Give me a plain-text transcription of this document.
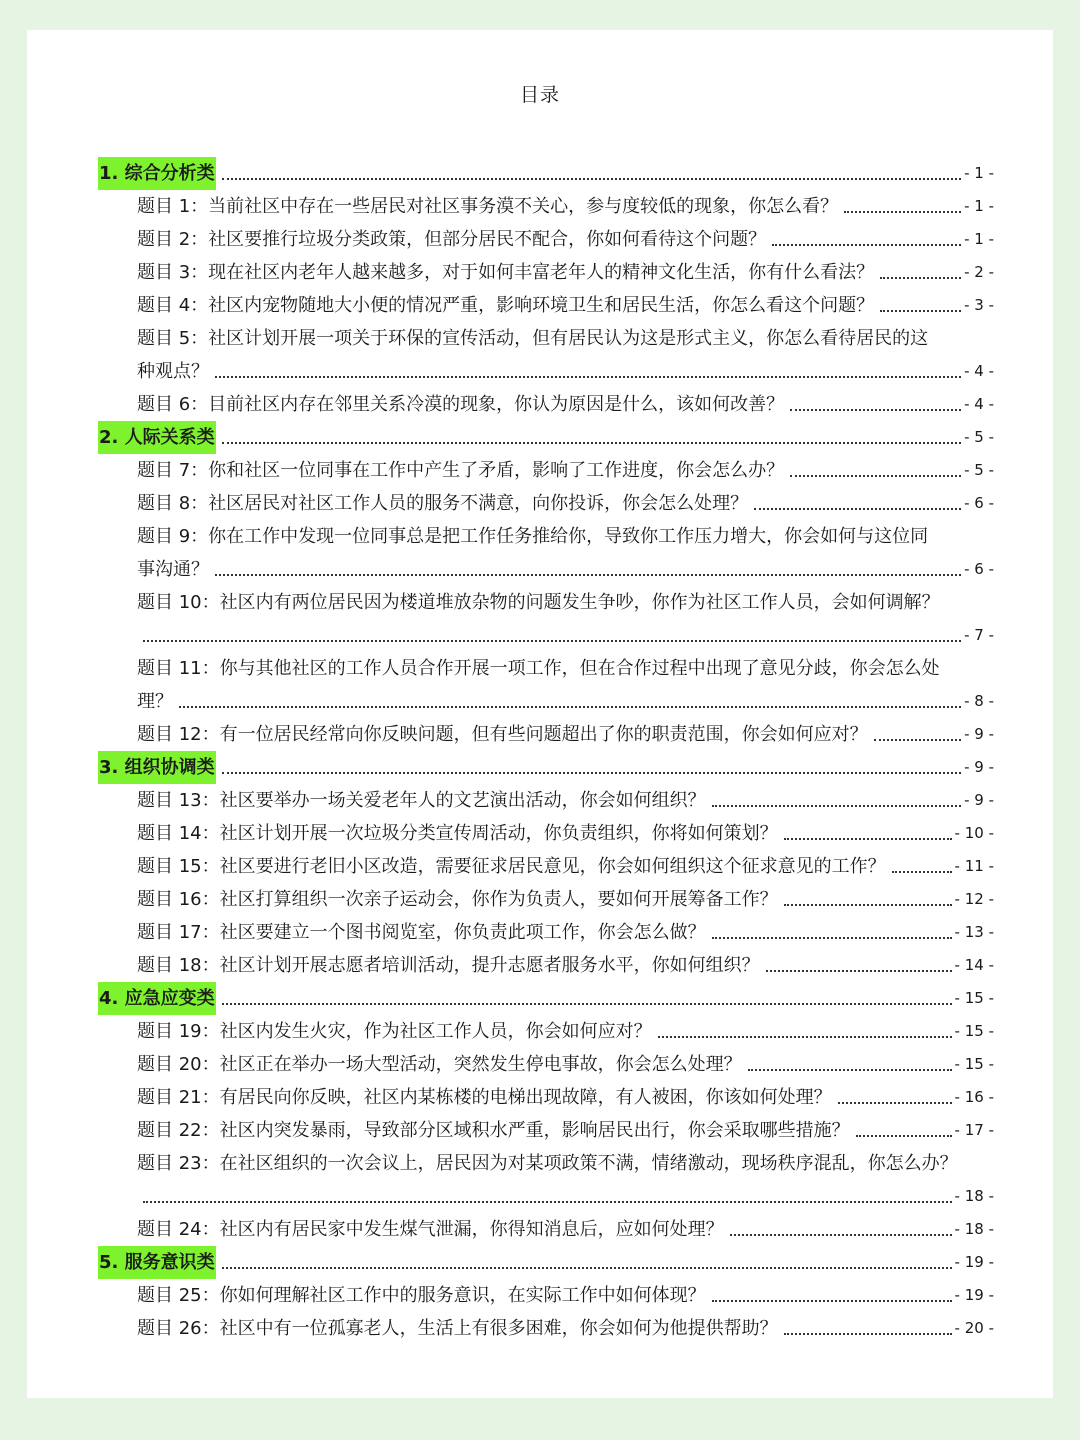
目录
1. 综合分析类	- 1 -
题目 1：当前社区中存在一些居民对社区事务漠不关心，参与度较低的现象，你怎么看？	- 1 -
题目 2：社区要推行垃圾分类政策，但部分居民不配合，你如何看待这个问题？	- 1 -
题目 3：现在社区内老年人越来越多，对于如何丰富老年人的精神文化生活，你有什么看法？	- 2 -
题目 4：社区内宠物随地大小便的情况严重，影响环境卫生和居民生活，你怎么看这个问题？	- 3 -
题目 5：社区计划开展一项关于环保的宣传活动，但有居民认为这是形式主义，你怎么看待居民的这
种观点？	- 4 -
题目 6：目前社区内存在邻里关系冷漠的现象，你认为原因是什么，该如何改善？	- 4 -
2. 人际关系类	- 5 -
题目 7：你和社区一位同事在工作中产生了矛盾，影响了工作进度，你会怎么办？	- 5 -
题目 8：社区居民对社区工作人员的服务不满意，向你投诉，你会怎么处理？	- 6 -
题目 9：你在工作中发现一位同事总是把工作任务推给你，导致你工作压力增大，你会如何与这位同
事沟通？	- 6 -
题目 10：社区内有两位居民因为楼道堆放杂物的问题发生争吵，你作为社区工作人员，会如何调解？
- 7 -
题目 11：你与其他社区的工作人员合作开展一项工作，但在合作过程中出现了意见分歧，你会怎么处
理？	- 8 -
题目 12：有一位居民经常向你反映问题，但有些问题超出了你的职责范围，你会如何应对？	- 9 -
3. 组织协调类	- 9 -
题目 13：社区要举办一场关爱老年人的文艺演出活动，你会如何组织？	- 9 -
题目 14：社区计划开展一次垃圾分类宣传周活动，你负责组织，你将如何策划？	- 10 -
题目 15：社区要进行老旧小区改造，需要征求居民意见，你会如何组织这个征求意见的工作？	- 11 -
题目 16：社区打算组织一次亲子运动会，你作为负责人，要如何开展筹备工作？	- 12 -
题目 17：社区要建立一个图书阅览室，你负责此项工作，你会怎么做？	- 13 -
题目 18：社区计划开展志愿者培训活动，提升志愿者服务水平，你如何组织？	- 14 -
4. 应急应变类	- 15 -
题目 19：社区内发生火灾，作为社区工作人员，你会如何应对？	- 15 -
题目 20：社区正在举办一场大型活动，突然发生停电事故，你会怎么处理？	- 15 -
题目 21：有居民向你反映，社区内某栋楼的电梯出现故障，有人被困，你该如何处理？	- 16 -
题目 22：社区内突发暴雨，导致部分区域积水严重，影响居民出行，你会采取哪些措施？	- 17 -
题目 23：在社区组织的一次会议上，居民因为对某项政策不满，情绪激动，现场秩序混乱，你怎么办？
- 18 -
题目 24：社区内有居民家中发生煤气泄漏，你得知消息后，应如何处理？	- 18 -
5. 服务意识类	- 19 -
题目 25：你如何理解社区工作中的服务意识，在实际工作中如何体现？	- 19 -
题目 26：社区中有一位孤寡老人，生活上有很多困难，你会如何为他提供帮助？	- 20 -
